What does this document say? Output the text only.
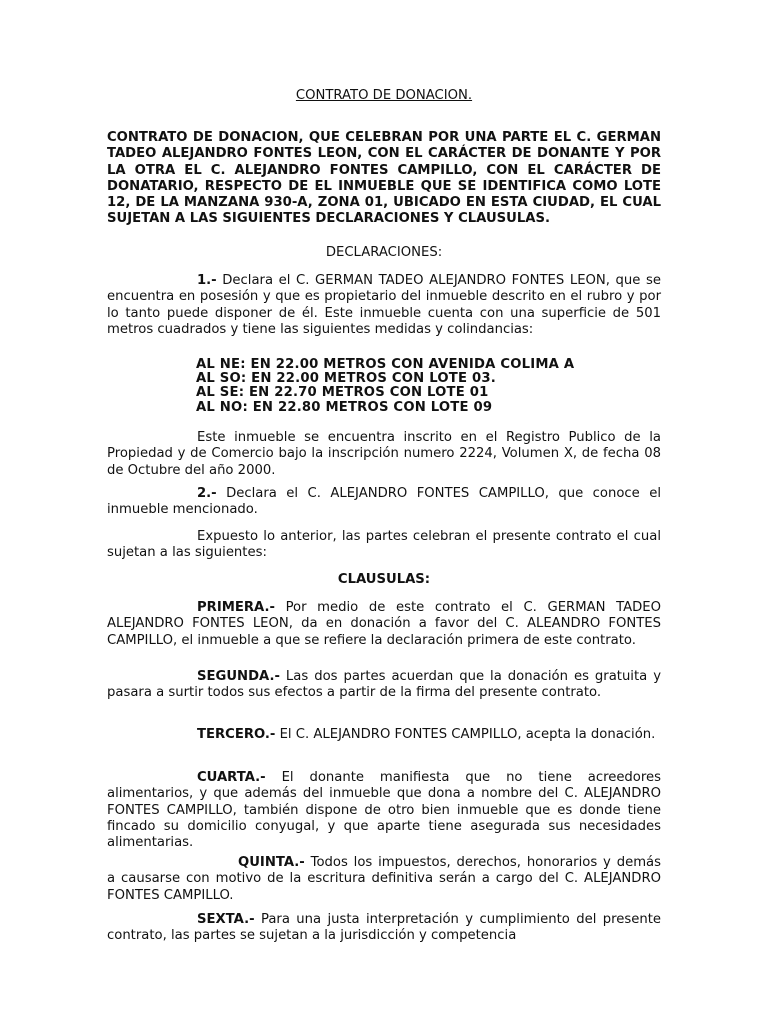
CONTRATO DE DONACION.

CONTRATO DE DONACION, QUE CELEBRAN POR UNA PARTE EL C. GERMAN TADEO ALEJANDRO FONTES LEON, CON EL CARÁCTER DE DONANTE Y POR LA OTRA EL C. ALEJANDRO FONTES CAMPILLO, CON EL CARÁCTER DE DONATARIO, RESPECTO DE EL INMUEBLE QUE SE IDENTIFICA COMO LOTE 12, DE LA MANZANA 930-A, ZONA 01, UBICADO EN ESTA CIUDAD, EL CUAL SUJETAN A LAS SIGUIENTES DECLARACIONES Y CLAUSULAS.

DECLARACIONES:

1.- Declara el C. GERMAN TADEO ALEJANDRO FONTES LEON, que se encuentra en posesión y que es propietario del inmueble descrito en el rubro y por lo tanto puede disponer de él. Este inmueble cuenta con una superficie de 501 metros cuadrados y tiene las siguientes medidas y colindancias:

AL NE: EN 22.00 METROS CON AVENIDA COLIMA A
AL SO: EN 22.00 METROS CON LOTE 03.
AL SE: EN 22.70 METROS CON LOTE 01
AL NO: EN 22.80 METROS CON LOTE 09

Este inmueble se encuentra inscrito en el Registro Publico de la Propiedad y de Comercio bajo la inscripción numero 2224, Volumen X, de fecha 08 de Octubre del año 2000.

2.- Declara el C. ALEJANDRO FONTES CAMPILLO, que conoce el inmueble mencionado.

Expuesto lo anterior, las partes celebran el presente contrato el cual sujetan a las siguientes:

CLAUSULAS:

PRIMERA.- Por medio de este contrato el C. GERMAN TADEO ALEJANDRO FONTES LEON, da en donación a favor del C. ALEANDRO FONTES CAMPILLO, el inmueble a que se refiere la declaración primera de este contrato.

SEGUNDA.- Las dos partes acuerdan que la donación es gratuita y pasara a surtir todos sus efectos a partir de la firma del presente contrato.

TERCERO.- El C. ALEJANDRO FONTES CAMPILLO, acepta la donación.

CUARTA.- El donante manifiesta que no tiene acreedores alimentarios, y que además del inmueble que dona a nombre del C. ALEJANDRO FONTES CAMPILLO, también dispone de otro bien inmueble que es donde tiene fincado su domicilio conyugal, y que aparte tiene asegurada sus necesidades alimentarias.

QUINTA.- Todos los impuestos, derechos, honorarios y demás a causarse con motivo de la escritura definitiva serán a cargo del C. ALEJANDRO FONTES CAMPILLO.

SEXTA.- Para una justa interpretación y cumplimiento del presente contrato, las partes se sujetan a la jurisdicción y competencia
